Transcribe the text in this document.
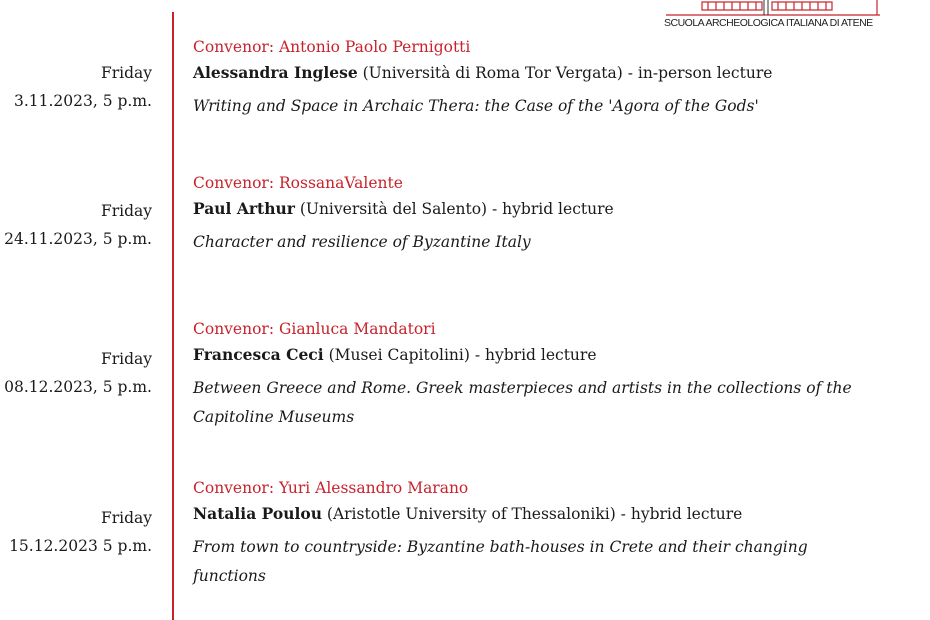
SCUOLA ARCHEOLOGICA ITALIANA DI ATENE
Friday
3.11.2023, 5 p.m.
Convenor: Antonio Paolo Pernigotti
Alessandra Inglese (Università di Roma Tor Vergata) - in-person lecture
Writing and Space in Archaic Thera: the Case of the 'Agora of the Gods'
Friday
24.11.2023, 5 p.m.
Convenor: RossanaValente
Paul Arthur (Università del Salento) - hybrid lecture
Character and resilience of Byzantine Italy
Friday
08.12.2023, 5 p.m.
Convenor: Gianluca Mandatori
Francesca Ceci (Musei Capitolini) - hybrid lecture
Between Greece and Rome. Greek masterpieces and artists in the collections of the Capitoline Museums
Friday
15.12.2023 5 p.m.
Convenor: Yuri Alessandro Marano
Natalia Poulou (Aristotle University of Thessaloniki) - hybrid lecture
From town to countryside: Byzantine bath-houses in Crete and their changing functions
